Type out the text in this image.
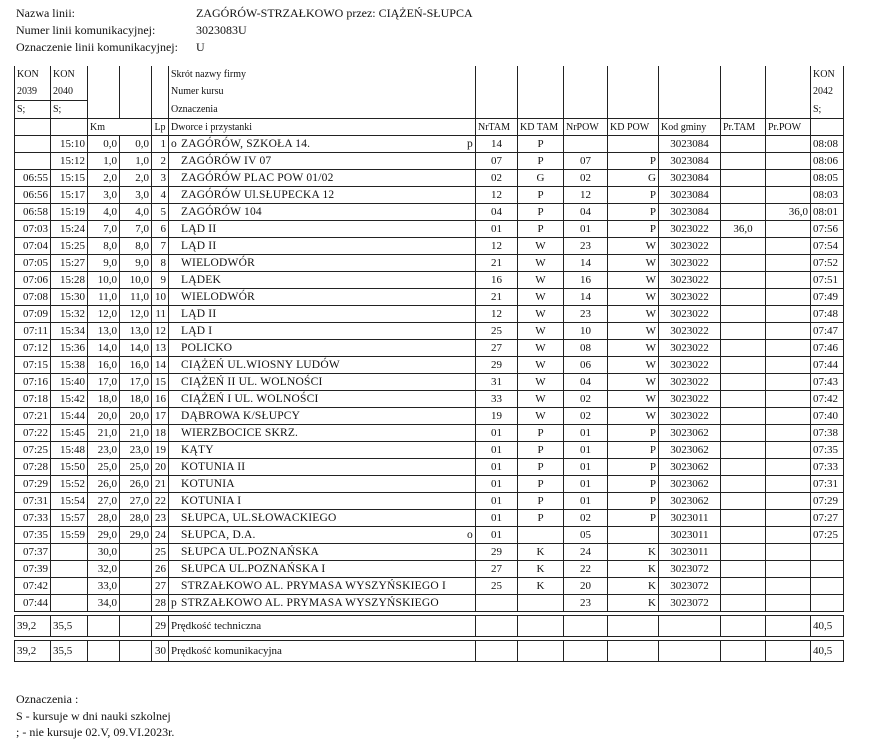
Nazwa linii:	ZAGÓRÓW-STRZAŁKOWO przez: CIĄŻEŃ-SŁUPCA
Numer linii komunikacyjnej:	3023083U
Oznaczenie linii komunikacyjnej: U
KON	KON				Skrót nazwy firmy								KON
2039	2040				Numer kursu								2042
S;	S;				Oznaczenia								S;
		Km		Lp	Dworce i przystanki	NrTAM	KD TAM	NrPOW	KD POW	Kod gminy	Pr.TAM	Pr.POW	
	15:10	0,0	0,0	1	o ZAGÓRÓW, SZKOŁA 14. p	14	P			3023084			08:08
	15:12	1,0	1,0	2	ZAGÓRÓW IV 07	07	P	07	P	3023084			08:06
06:55	15:15	2,0	2,0	3	ZAGÓRÓW PLAC POW 01/02	02	G	02	G	3023084			08:05
06:56	15:17	3,0	3,0	4	ZAGÓRÓW Ul.SŁUPECKA 12	12	P	12	P	3023084			08:03
06:58	15:19	4,0	4,0	5	ZAGÓRÓW 104	04	P	04	P	3023084		36,0	08:01
07:03	15:24	7,0	7,0	6	LĄD II	01	P	01	P	3023022	36,0		07:56
07:04	15:25	8,0	8,0	7	LĄD II	12	W	23	W	3023022			07:54
07:05	15:27	9,0	9,0	8	WIELODWÓR	21	W	14	W	3023022			07:52
07:06	15:28	10,0	10,0	9	LĄDEK	16	W	16	W	3023022			07:51
07:08	15:30	11,0	11,0	10	WIELODWÓR	21	W	14	W	3023022			07:49
07:09	15:32	12,0	12,0	11	LĄD II	12	W	23	W	3023022			07:48
07:11	15:34	13,0	13,0	12	LĄD I	25	W	10	W	3023022			07:47
07:12	15:36	14,0	14,0	13	POLICKO	27	W	08	W	3023022			07:46
07:15	15:38	16,0	16,0	14	CIĄŻEŃ UL.WIOSNY LUDÓW	29	W	06	W	3023022			07:44
07:16	15:40	17,0	17,0	15	CIĄŻEŃ II UL. WOLNOŚCI	31	W	04	W	3023022			07:43
07:18	15:42	18,0	18,0	16	CIĄŻEŃ I UL. WOLNOŚCI	33	W	02	W	3023022			07:42
07:21	15:44	20,0	20,0	17	DĄBROWA K/SŁUPCY	19	W	02	W	3023022			07:40
07:22	15:45	21,0	21,0	18	WIERZBOCICE SKRZ.	01	P	01	P	3023062			07:38
07:25	15:48	23,0	23,0	19	KĄTY	01	P	01	P	3023062			07:35
07:28	15:50	25,0	25,0	20	KOTUNIA II	01	P	01	P	3023062			07:33
07:29	15:52	26,0	26,0	21	KOTUNIA	01	P	01	P	3023062			07:31
07:31	15:54	27,0	27,0	22	KOTUNIA I	01	P	01	P	3023062			07:29
07:33	15:57	28,0	28,0	23	SŁUPCA, UL.SŁOWACKIEGO	01	P	02	P	3023011			07:27
07:35	15:59	29,0	29,0	24	SŁUPCA, D.A. o	01		05		3023011			07:25
07:37		30,0		25	SŁUPCA UL.POZNAŃSKA	29	K	24	K	3023011			
07:39		32,0		26	SŁUPCA UL.POZNAŃSKA I	27	K	22	K	3023072			
07:42		33,0		27	STRZAŁKOWO AL. PRYMASA WYSZYŃSKIEGO I	25	K	20	K	3023072			
07:44		34,0		28	p STRZAŁKOWO AL. PRYMASA WYSZYŃSKIEGO			23	K	3023072			

39,2	35,5			29	Prędkość techniczna								40,5

39,2	35,5			30	Prędkość komunikacyjna								40,5
Oznaczenia :
S - kursuje w dni nauki szkolnej
; - nie kursuje 02.V, 09.VI.2023r.
